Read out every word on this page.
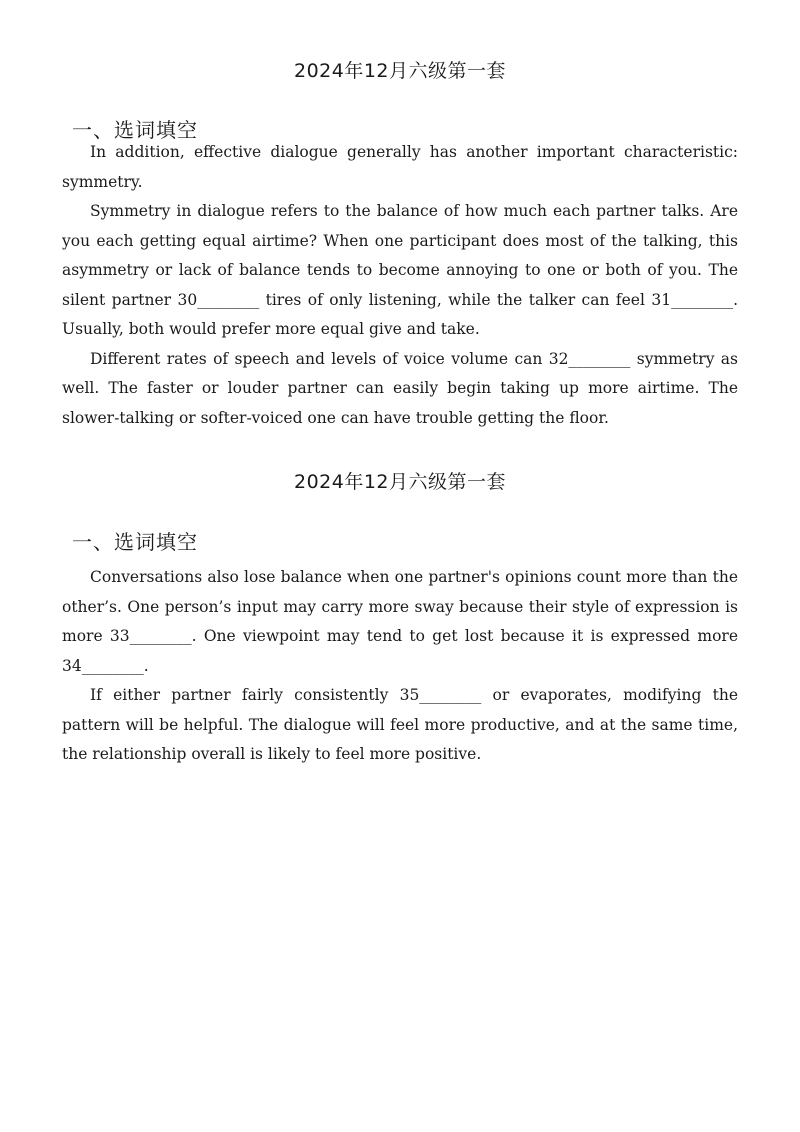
2024年12月六级第一套
一、选词填空

In addition, effective dialogue generally has another important characteristic: symmetry.

Symmetry in dialogue refers to the balance of how much each partner talks. Are you each getting equal airtime? When one participant does most of the talking, this asymmetry or lack of balance tends to become annoying to one or both of you. The silent partner 30________ tires of only listening, while the talker can feel 31________. Usually, both would prefer more equal give and take.

Different rates of speech and levels of voice volume can 32________ symmetry as well. The faster or louder partner can easily begin taking up more airtime. The slower-talking or softer-voiced one can have trouble getting the floor.

2024年12月六级第一套
一、选词填空

Conversations also lose balance when one partner's opinions count more than the other’s. One person’s input may carry more sway because their style of expression is more 33________. One viewpoint may tend to get lost because it is expressed more 34________.

If either partner fairly consistently 35________ or evaporates, modifying the pattern will be helpful. The dialogue will feel more productive, and at the same time, the relationship overall is likely to feel more positive.
